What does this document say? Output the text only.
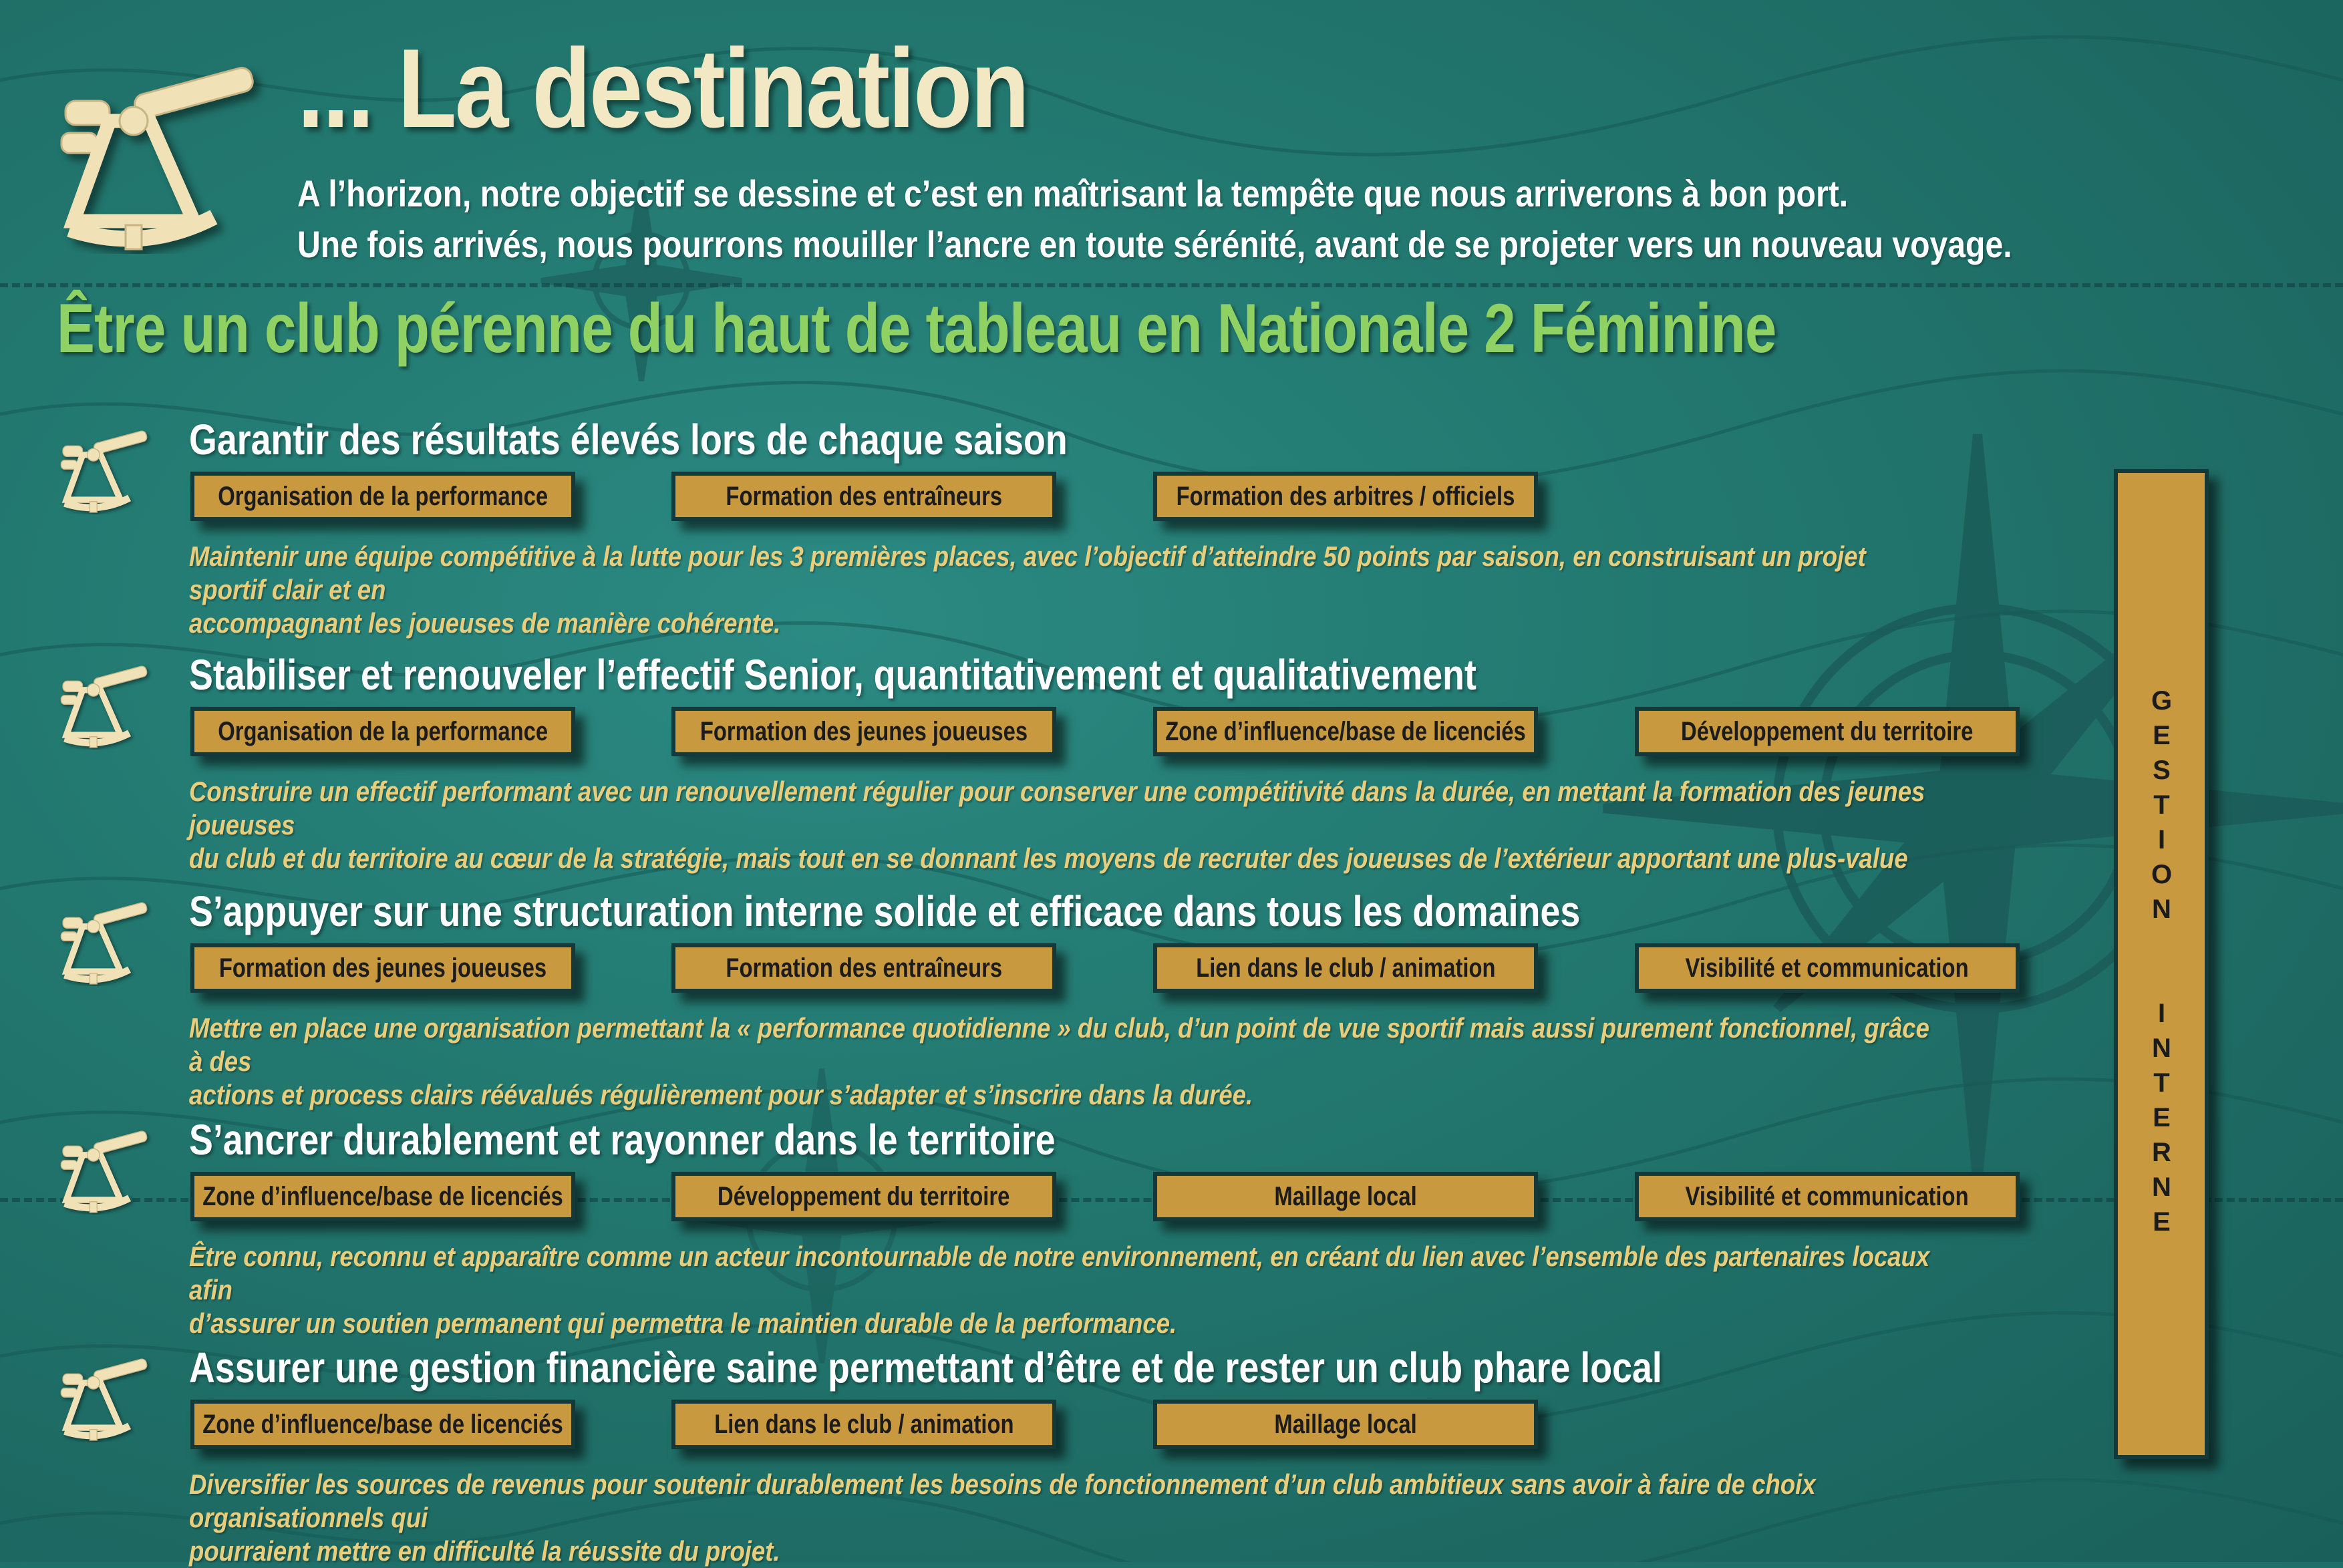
... La destination
A l’horizon, notre objectif se dessine et c’est en maîtrisant la tempête que nous arriverons à bon port.
Une fois arrivés, nous pourrons mouiller l’ancre en toute sérénité, avant de se projeter vers un nouveau voyage.
Être un club pérenne du haut de tableau en Nationale 2 Féminine
Garantir des résultats élevés lors de chaque saison
Organisation de la performance	Formation des entraîneurs	Formation des arbitres / officiels
Maintenir une équipe compétitive à la lutte pour les 3 premières places, avec l’objectif d’atteindre 50 points par saison, en construisant un projet sportif clair et en
accompagnant les joueuses de manière cohérente.
Stabiliser et renouveler l’effectif Senior, quantitativement et qualitativement
Organisation de la performance	Formation des jeunes joueuses	Zone d’influence/base de licenciés	Développement du territoire
Construire un effectif performant avec un renouvellement régulier pour conserver une compétitivité dans la durée, en mettant la formation des jeunes joueuses
du club et du territoire au cœur de la stratégie, mais tout en se donnant les moyens de recruter des joueuses de l’extérieur apportant une plus-value
S’appuyer sur une structuration interne solide et efficace dans tous les domaines
Formation des jeunes joueuses	Formation des entraîneurs	Lien dans le club / animation	Visibilité et communication
Mettre en place une organisation permettant la « performance quotidienne » du club, d’un point de vue sportif mais aussi purement fonctionnel, grâce à des
actions et process clairs réévalués régulièrement pour s’adapter et s’inscrire dans la durée.
S’ancrer durablement et rayonner dans le territoire
Zone d’influence/base de licenciés	Développement du territoire	Maillage local	Visibilité et communication
Être connu, reconnu et apparaître comme un acteur incontournable de notre environnement, en créant du lien avec l’ensemble des partenaires locaux afin
d’assurer un soutien permanent qui permettra le maintien durable de la performance.
Assurer une gestion financière saine permettant d’être et de rester un club phare local
Zone d’influence/base de licenciés	Lien dans le club / animation	Maillage local
Diversifier les sources de revenus pour soutenir durablement les besoins de fonctionnement d’un club ambitieux sans avoir à faire de choix organisationnels qui
pourraient mettre en difficulté la réussite du projet.
GESTION  INTERNE
